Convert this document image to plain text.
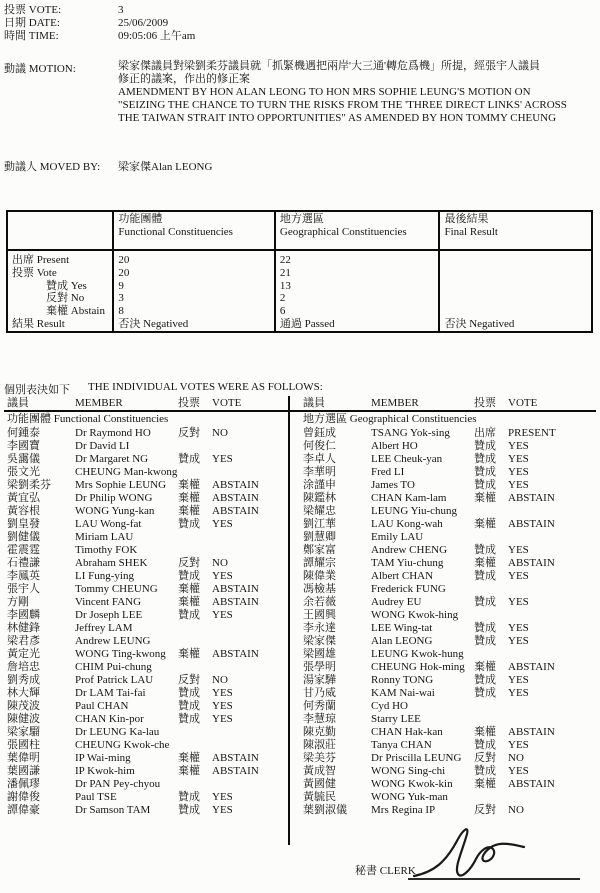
投票 VOTE:	3
日期 DATE:	25/06/2009
時間 TIME:	09:05:06 上午am
動議 MOTION:	梁家傑議員對梁劉柔芬議員就「抓緊機遇把兩岸'大三通'轉危爲機」所提，經張宇人議員
修正的議案，作出的修正案
AMENDMENT BY HON ALAN LEONG TO HON MRS SOPHIE LEUNG'S MOTION ON
"SEIZING THE CHANCE TO TURN THE RISKS FROM THE 'THREE DIRECT LINKS' ACROSS
THE TAIWAN STRAIT INTO OPPORTUNITIES" AS AMENDED BY HON TOMMY CHEUNG
動議人 MOVED BY: 梁家傑Alan LEONG

功能團體
Functional Constituencies

地方選區
Geographical Constituencies

最後結果
Final Result

出席 Present	20	22	
投票 Vote	20	21	
贊成 Yes	9	13	
反對 No	3	2	
棄權 Abstain	8	6	
結果 Result	否決 Negatived	通過 Passed	否決 Negatived
個別表決如下 THE INDIVIDUAL VOTES WERE AS FOLLOWS:
議員	MEMBER	投票	VOTE	議員	MEMBER	投票	VOTE
功能團體 Functional Constituencies	地方選區 Geographical Constituencies
何鍾泰	Dr Raymond HO	反對	NO
李國寶	Dr David LI
吳靄儀	Dr Margaret NG	贊成	YES
張文光	CHEUNG Man-kwong
梁劉柔芬	Mrs Sophie LEUNG	棄權	ABSTAIN
黃宜弘	Dr Philip WONG	棄權	ABSTAIN
黃容根	WONG Yung-kan	棄權	ABSTAIN
劉皇發	LAU Wong-fat	贊成	YES
劉健儀	Miriam LAU
霍震霆	Timothy FOK
石禮謙	Abraham SHEK	反對	NO
李鳳英	LI Fung-ying	贊成	YES
張宇人	Tommy CHEUNG	棄權	ABSTAIN
方剛	Vincent FANG	棄權	ABSTAIN
李國麟	Dr Joseph LEE	贊成	YES
林健鋒	Jeffrey LAM
梁君彥	Andrew LEUNG
黃定光	WONG Ting-kwong	棄權	ABSTAIN
詹培忠	CHIM Pui-chung
劉秀成	Prof Patrick LAU	反對	NO
林大輝	Dr LAM Tai-fai	贊成	YES
陳茂波	Paul CHAN	贊成	YES
陳健波	CHAN Kin-por	贊成	YES
梁家騮	Dr LEUNG Ka-lau
張國柱	CHEUNG Kwok-che
葉偉明	IP Wai-ming	棄權	ABSTAIN
葉國謙	IP Kwok-him	棄權	ABSTAIN
潘佩璆	Dr PAN Pey-chyou
謝偉俊	Paul TSE	贊成	YES
譚偉豪	Dr Samson TAM	贊成	YES
曾鈺成	TSANG Yok-sing	出席	PRESENT
何俊仁	Albert HO	贊成	YES
李卓人	LEE Cheuk-yan	贊成	YES
李華明	Fred LI	贊成	YES
涂謹申	James TO	贊成	YES
陳鑑林	CHAN Kam-lam	棄權	ABSTAIN
梁耀忠	LEUNG Yiu-chung
劉江華	LAU Kong-wah	棄權	ABSTAIN
劉慧卿	Emily LAU
鄭家富	Andrew CHENG	贊成	YES
譚耀宗	TAM Yiu-chung	棄權	ABSTAIN
陳偉業	Albert CHAN	贊成	YES
馮檢基	Frederick FUNG
余若薇	Audrey EU	贊成	YES
王國興	WONG Kwok-hing
李永達	LEE Wing-tat	贊成	YES
梁家傑	Alan LEONG	贊成	YES
梁國雄	LEUNG Kwok-hung
張學明	CHEUNG Hok-ming 棄權	ABSTAIN
湯家驊	Ronny TONG	贊成	YES
甘乃威	KAM Nai-wai	贊成	YES
何秀蘭	Cyd HO
李慧琼	Starry LEE
陳克勤	CHAN Hak-kan	棄權	ABSTAIN
陳淑莊	Tanya CHAN	贊成	YES
梁美芬	Dr Priscilla LEUNG	反對	NO
黃成智	WONG Sing-chi	贊成	YES
黃國健	WONG Kwok-kin	棄權	ABSTAIN
黃毓民	WONG Yuk-man
葉劉淑儀	Mrs Regina IP	反對	NO
秘書 CLERK
